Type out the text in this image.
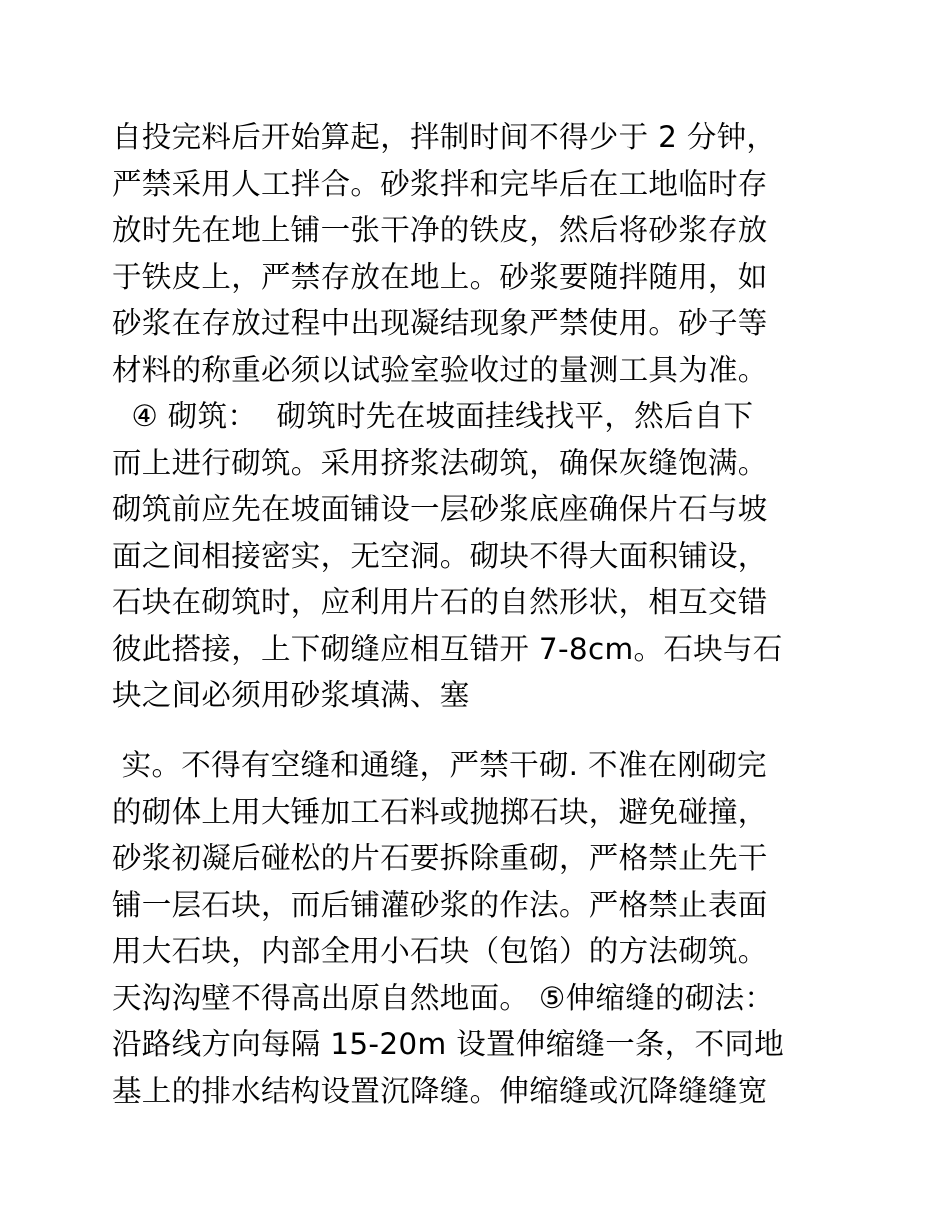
自投完料后开始算起，拌制时间不得少于 2 分钟，
严禁采用人工拌合。砂浆拌和完毕后在工地临时存
放时先在地上铺一张干净的铁皮，然后将砂浆存放
于铁皮上，严禁存放在地上。砂浆要随拌随用，如
砂浆在存放过程中出现凝结现象严禁使用。砂子等
材料的称重必须以试验室验收过的量测工具为准。
④ 砌筑：  砌筑时先在坡面挂线找平，然后自下
而上进行砌筑。采用挤浆法砌筑，确保灰缝饱满。
砌筑前应先在坡面铺设一层砂浆底座确保片石与坡
面之间相接密实，无空洞。砌块不得大面积铺设，
石块在砌筑时，应利用片石的自然形状，相互交错
彼此搭接，上下砌缝应相互错开 7-8cm。石块与石
块之间必须用砂浆填满、塞
实。不得有空缝和通缝，严禁干砌. 不准在刚砌完
的砌体上用大锤加工石料或抛掷石块，避免碰撞，
砂浆初凝后碰松的片石要拆除重砌，严格禁止先干
铺一层石块，而后铺灌砂浆的作法。严格禁止表面
用大石块，内部全用小石块（包馅）的方法砌筑。
天沟沟壁不得高出原自然地面。 ⑤伸缩缝的砌法：
沿路线方向每隔 15-20m 设置伸缩缝一条，不同地
基上的排水结构设置沉降缝。伸缩缝或沉降缝缝宽
